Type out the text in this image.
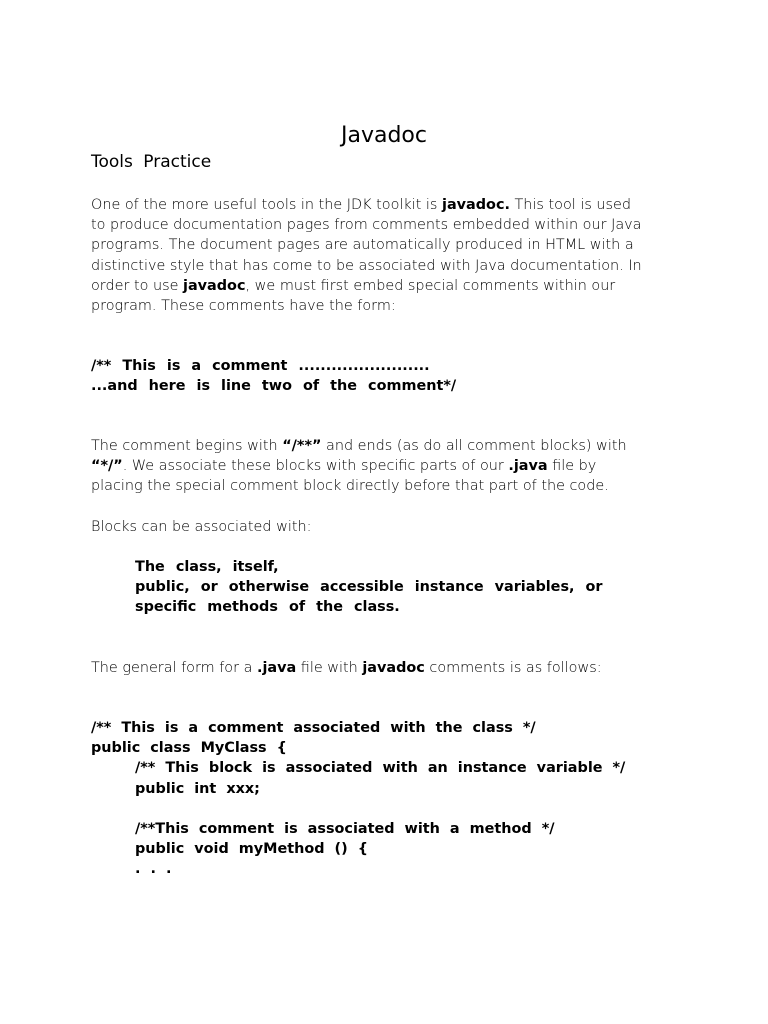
Javadoc
Tools Practice
One of the more useful tools in the JDK toolkit is javadoc. This tool is used
to produce documentation pages from comments embedded within our Java
programs. The document pages are automatically produced in HTML with a
distinctive style that has come to be associated with Java documentation. In
order to use javadoc, we must first embed special comments within our
program. These comments have the form:
/** This is a comment ........................
...and here is line two of the comment*/
The comment begins with “/**” and ends (as do all comment blocks) with
“*/”. We associate these blocks with specific parts of our .java file by
placing the special comment block directly before that part of the code.
Blocks can be associated with:
The class, itself,
public, or otherwise accessible instance variables, or
specific methods of the class.
The general form for a .java file with javadoc comments is as follows:
/** This is a comment associated with the class */
public class MyClass {
/** This block is associated with an instance variable */
public int xxx;
/**This comment is associated with a method */
public void myMethod () {
. . .
